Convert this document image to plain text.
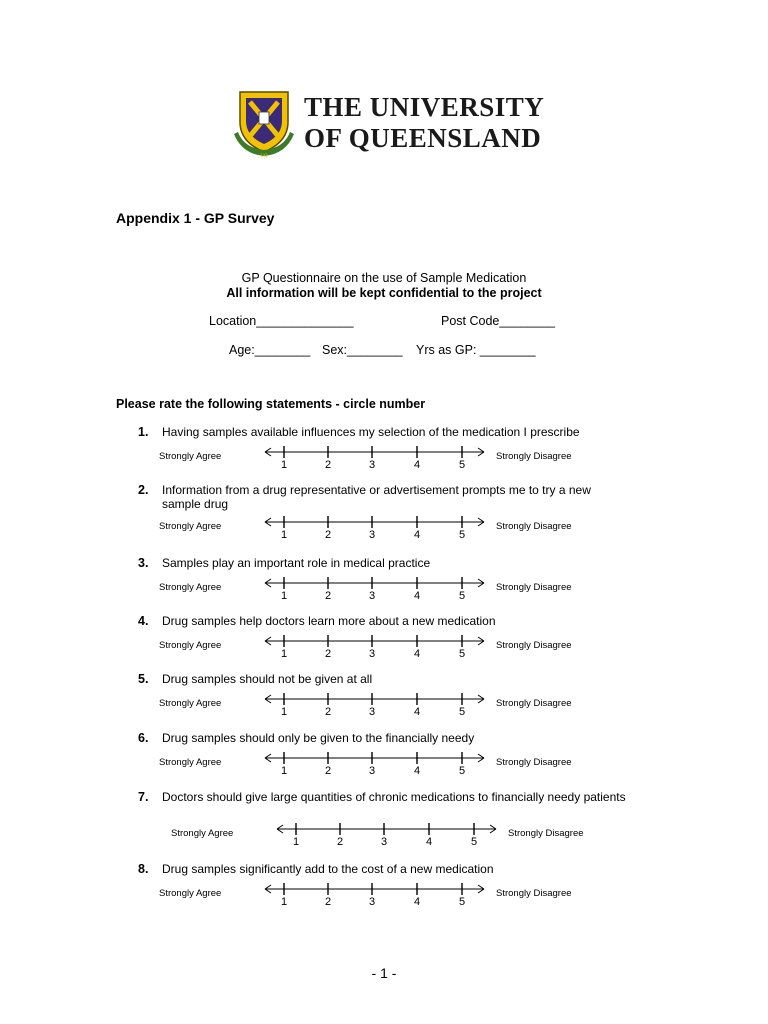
UQ
THE UNIVERSITY
OF QUEENSLAND
Appendix 1 - GP Survey
GP Questionnaire on the use of Sample Medication
All information will be kept confidential to the project
Location______________	Post Code________
Age:________ Sex:________ Yrs as GP: ________
Please rate the following statements - circle number
1. Having samples available influences my selection of the medication I prescribe
Strongly Agree	Strongly Disagree
1	2	3	4	5
2. Information from a drug representative or advertisement prompts me to try a new sample drug
Strongly Agree	Strongly Disagree
1	2	3	4	5
3. Samples play an important role in medical practice
Strongly Agree	Strongly Disagree
1	2	3	4	5
4. Drug samples help doctors learn more about a new medication
Strongly Agree	Strongly Disagree
1	2	3	4	5
5. Drug samples should not be given at all
Strongly Agree	Strongly Disagree
1	2	3	4	5
6. Drug samples should only be given to the financially needy
Strongly Agree	Strongly Disagree
1	2	3	4	5
7. Doctors should give large quantities of chronic medications to financially needy patients
Strongly Agree	Strongly Disagree
1	2	3	4	5
8. Drug samples significantly add to the cost of a new medication
Strongly Agree	Strongly Disagree
1	2	3	4	5
- 1 -
